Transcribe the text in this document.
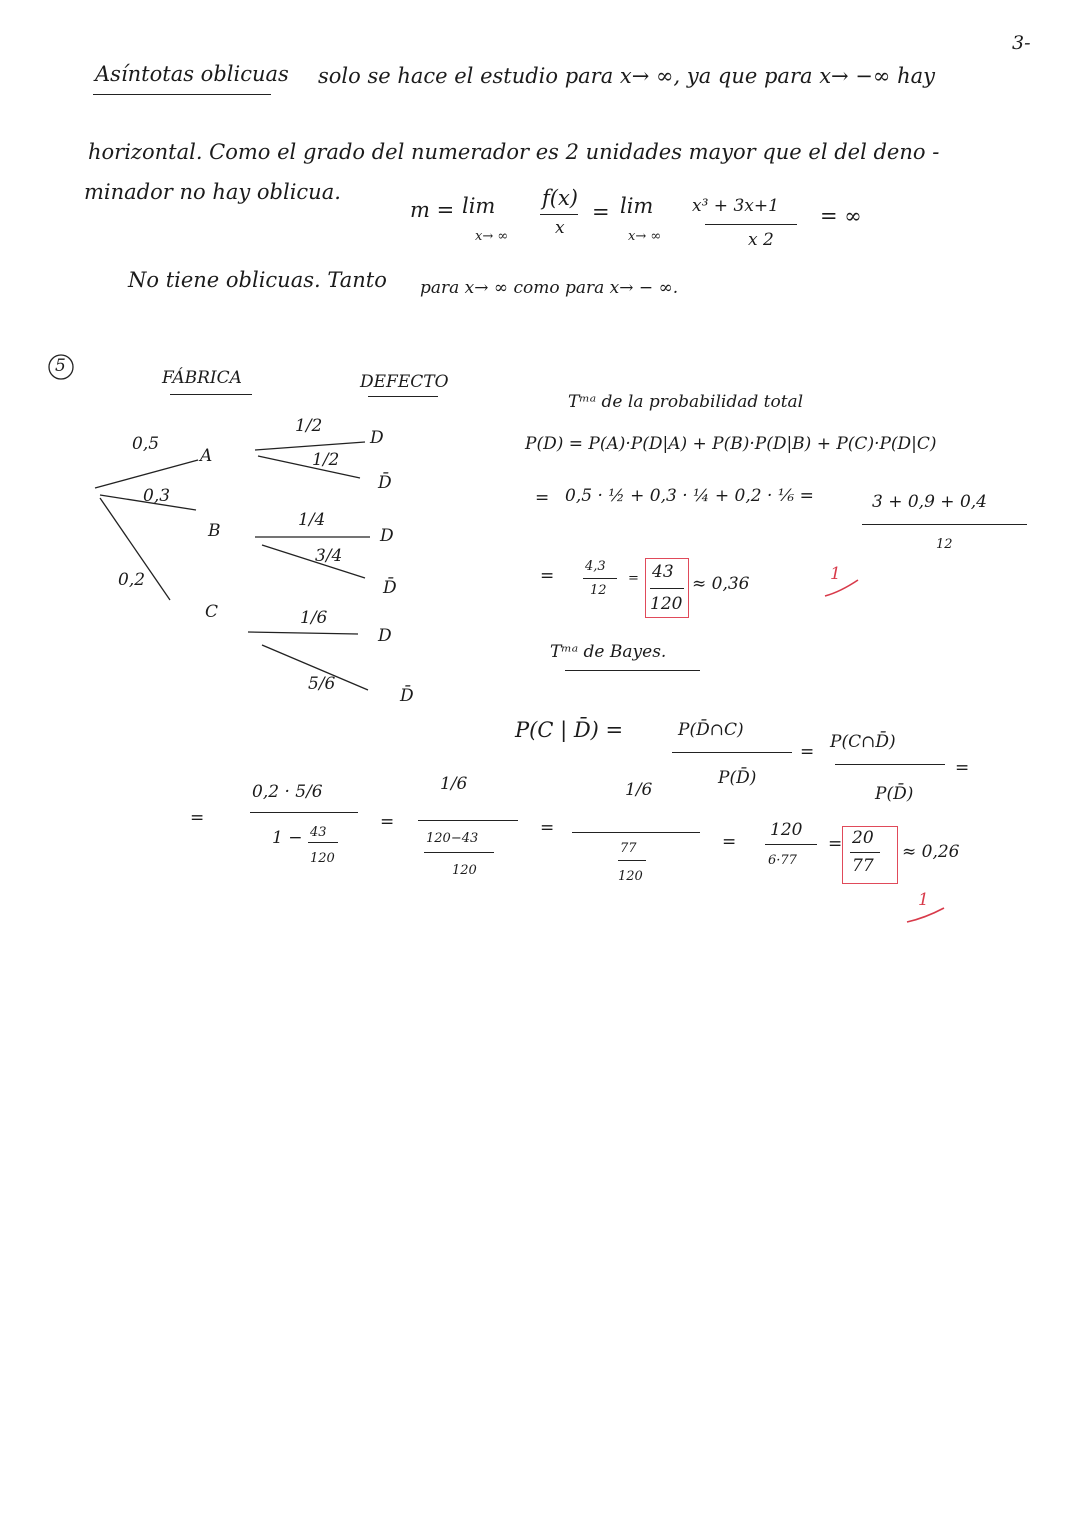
3-
Asíntotas oblicuas solo se hace el estudio para x→ ∞, ya que para x→ −∞ hay
horizontal. Como el grado del numerador es 2 unidades mayor que el del deno -
minador no hay oblicua.
m = lim
x→ ∞
f(x)
x
= lim
x→ ∞
x³ + 3x+1
x 2
= ∞
No tiene oblicuas. Tanto para x→ ∞ como para x→ − ∞.
5
FÁBRICA	DEFECTO
0,5
0,3
0,2
A
B
C
1/2
1/2
1/4
3/4
1/6
5/6
D
D̄
D
D̄
D
D̄
Tᵐᵃ de la probabilidad total
P(D) = P(A)·P(D|A) + P(B)·P(D|B) + P(C)·P(D|C)
= 0,5 · ½ + 0,3 · ¼ + 0,2 · ⅙ =	3 + 0,9 + 0,4
12
= 4,3
12
= 43
120
≈ 0,36	1
Tᵐᵃ de Bayes.
P(C | D̄) =	P(D̄∩C)
P(D̄)
= P(C∩D̄)
P(D̄)
=
=
0,2 · 5/6
1 − 43
120
=
1/6
120−43
120
=
1/6
77
120
=
120
6·77
= 20
77
≈ 0,26
1
